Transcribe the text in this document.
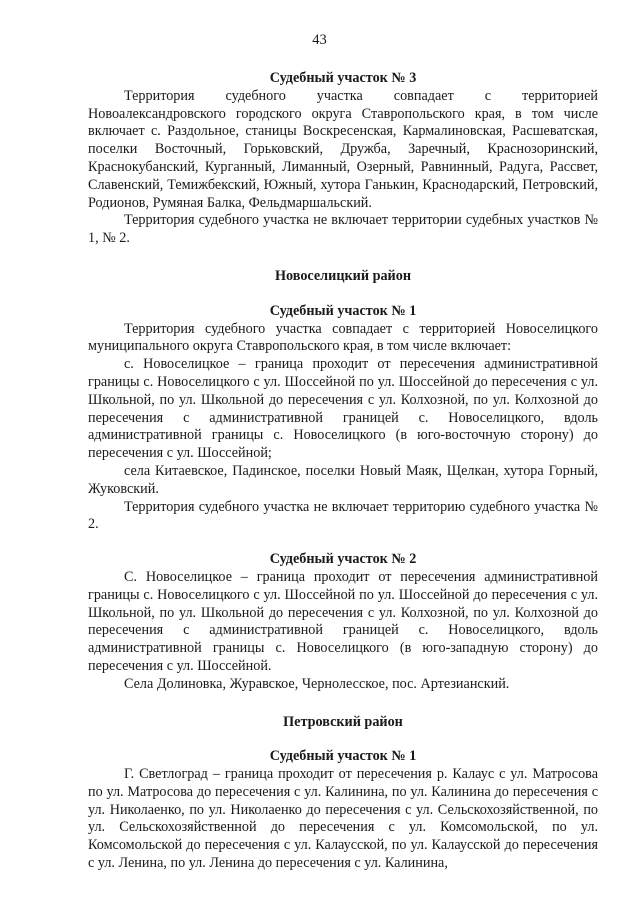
43
Судебный участок № 3

Территория судебного участка совпадает с территорией Новоалександровского городского округа Ставропольского края, в том числе включает с. Раздольное, станицы Воскресенская, Кармалиновская, Расшеватская, поселки Восточный, Горьковский, Дружба, Заречный, Краснозоринский, Краснокубанский, Курганный, Лиманный, Озерный, Равнинный, Радуга, Рассвет, Славенский, Темижбекский, Южный, хутора Ганькин, Краснодарский, Петровский, Родионов, Румяная Балка, Фельдмаршальский.

Территория судебного участка не включает территории судебных участков № 1, № 2.

Новоселицкий район
Судебный участок № 1

Территория судебного участка совпадает с территорией Новоселицкого муниципального округа Ставропольского края, в том числе включает:

с. Новоселицкое – граница проходит от пересечения административной границы с. Новоселицкого с ул. Шоссейной по ул. Шоссейной до пересечения с ул. Школьной, по ул. Школьной до пересечения с ул. Колхозной, по ул. Колхозной до пересечения с административной границей с. Новоселицкого, вдоль административной границы с. Новоселицкого (в юго-восточную сторону) до пересечения с ул. Шоссейной;

села Китаевское, Падинское, поселки Новый Маяк, Щелкан, хутора Горный, Жуковский.

Территория судебного участка не включает территорию судебного участка № 2.

Судебный участок № 2

С. Новоселицкое – граница проходит от пересечения административной границы с. Новоселицкого с ул. Шоссейной по ул. Шоссейной до пересечения с ул. Школьной, по ул. Школьной до пересечения с ул. Колхозной, по ул. Колхозной до пересечения с административной границей с. Новоселицкого, вдоль административной границы с. Новоселицкого (в юго-западную сторону) до пересечения с ул. Шоссейной.

Села Долиновка, Журавское, Чернолесское, пос. Артезианский.

Петровский район
Судебный участок № 1

Г. Светлоград – граница проходит от пересечения р. Калаус с ул. Матросова по ул. Матросова до пересечения с ул. Калинина, по ул. Калинина до пересечения с ул. Николаенко, по ул. Николаенко до пересечения с ул. Сельскохозяйственной, по ул. Сельскохозяйственной до пересечения с ул. Комсомольской, по ул. Комсомольской до пересечения с ул. Калаусской, по ул. Калаусской до пересечения с ул. Ленина, по ул. Ленина до пересечения с ул. Калинина,
